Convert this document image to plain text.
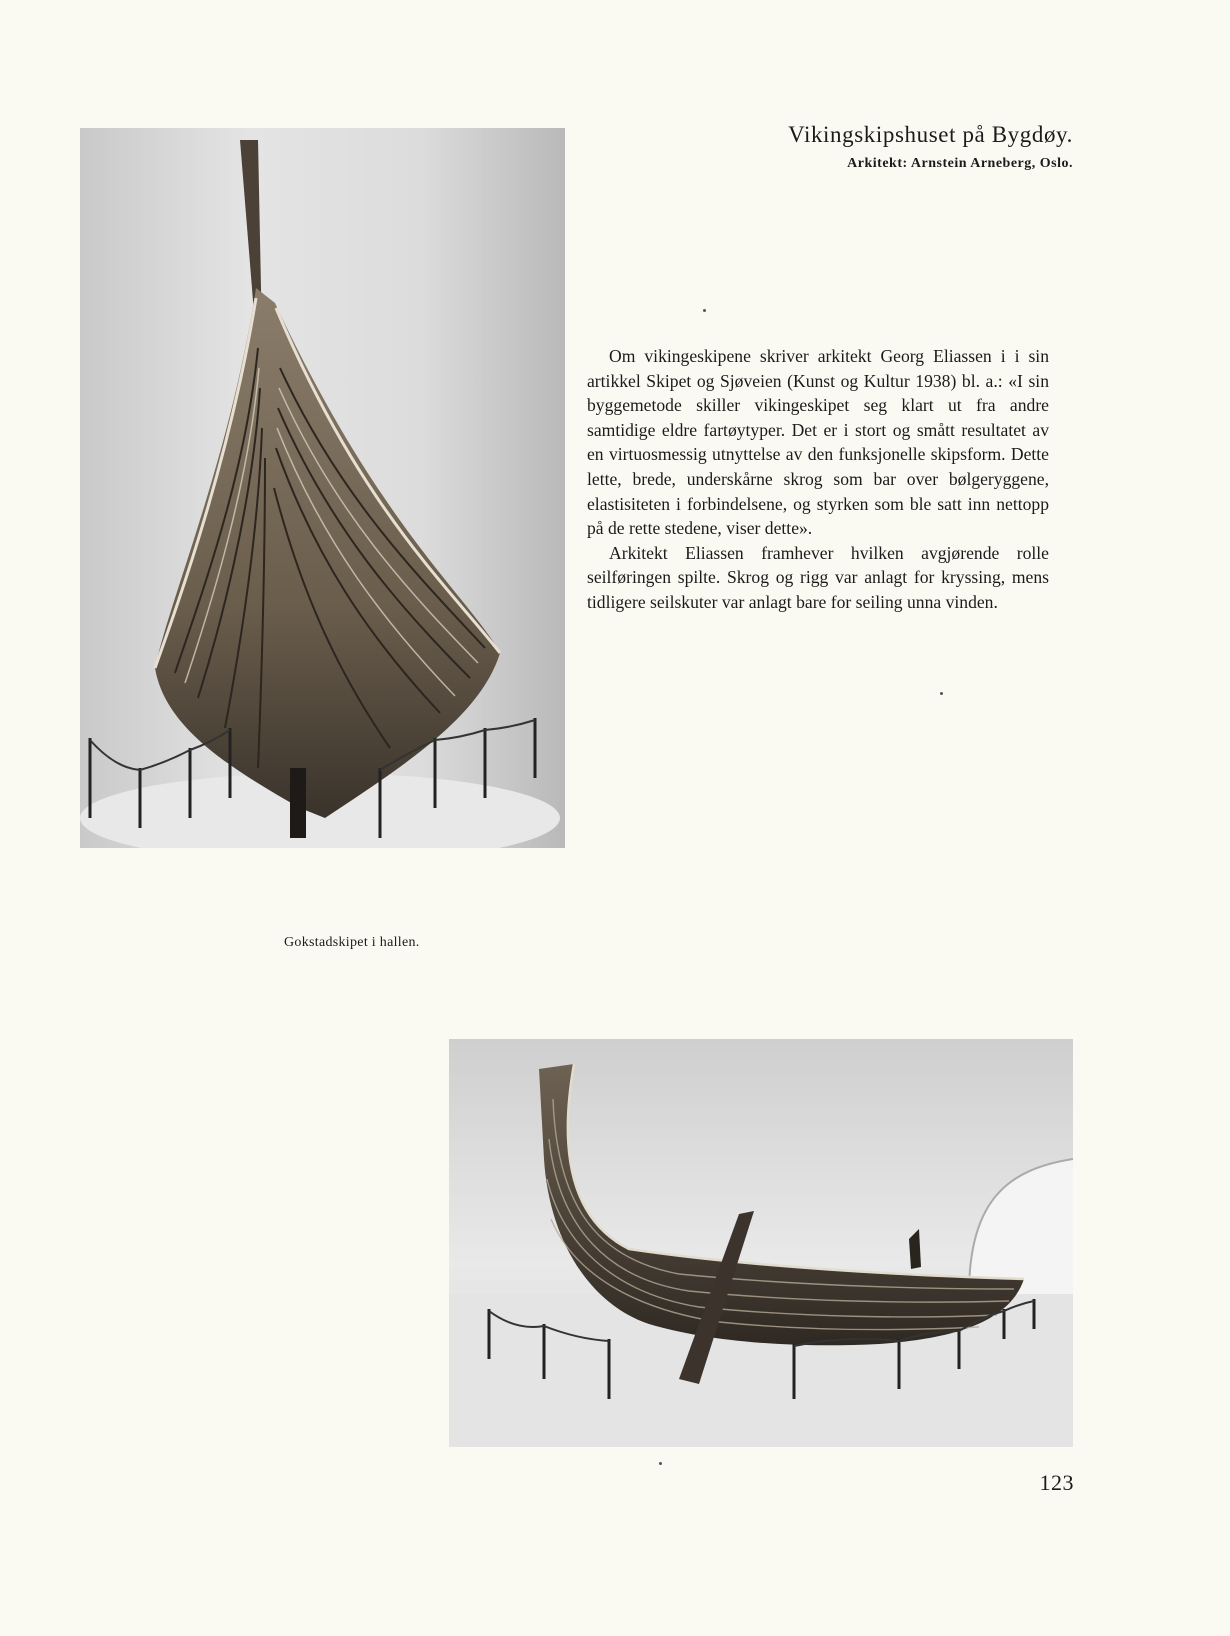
Vikingskipshuset på Bygdøy.
Arkitekt: Arnstein Arneberg, Oslo.

Om vikingeskipene skriver arkitekt Georg Eliassen i i sin artikkel Skipet og Sjøveien (Kunst og Kultur 1938) bl. a.: «I sin byggemetode skiller vikingeskipet seg klart ut fra andre samtidige eldre fartøytyper. Det er i stort og smått resultatet av en virtuosmessig utnyttelse av den funksjonelle skipsform. Dette lette, brede, underskårne skrog som bar over bølgeryggene, elastisiteten i forbindelsene, og styrken som ble satt inn nettopp på de rette stedene, viser dette».

Arkitekt Eliassen framhever hvilken avgjørende rolle seilføringen spilte. Skrog og rigg var anlagt for kryssing, mens tidligere seilskuter var anlagt bare for seiling unna vinden.

Gokstadskipet i hallen.
123
